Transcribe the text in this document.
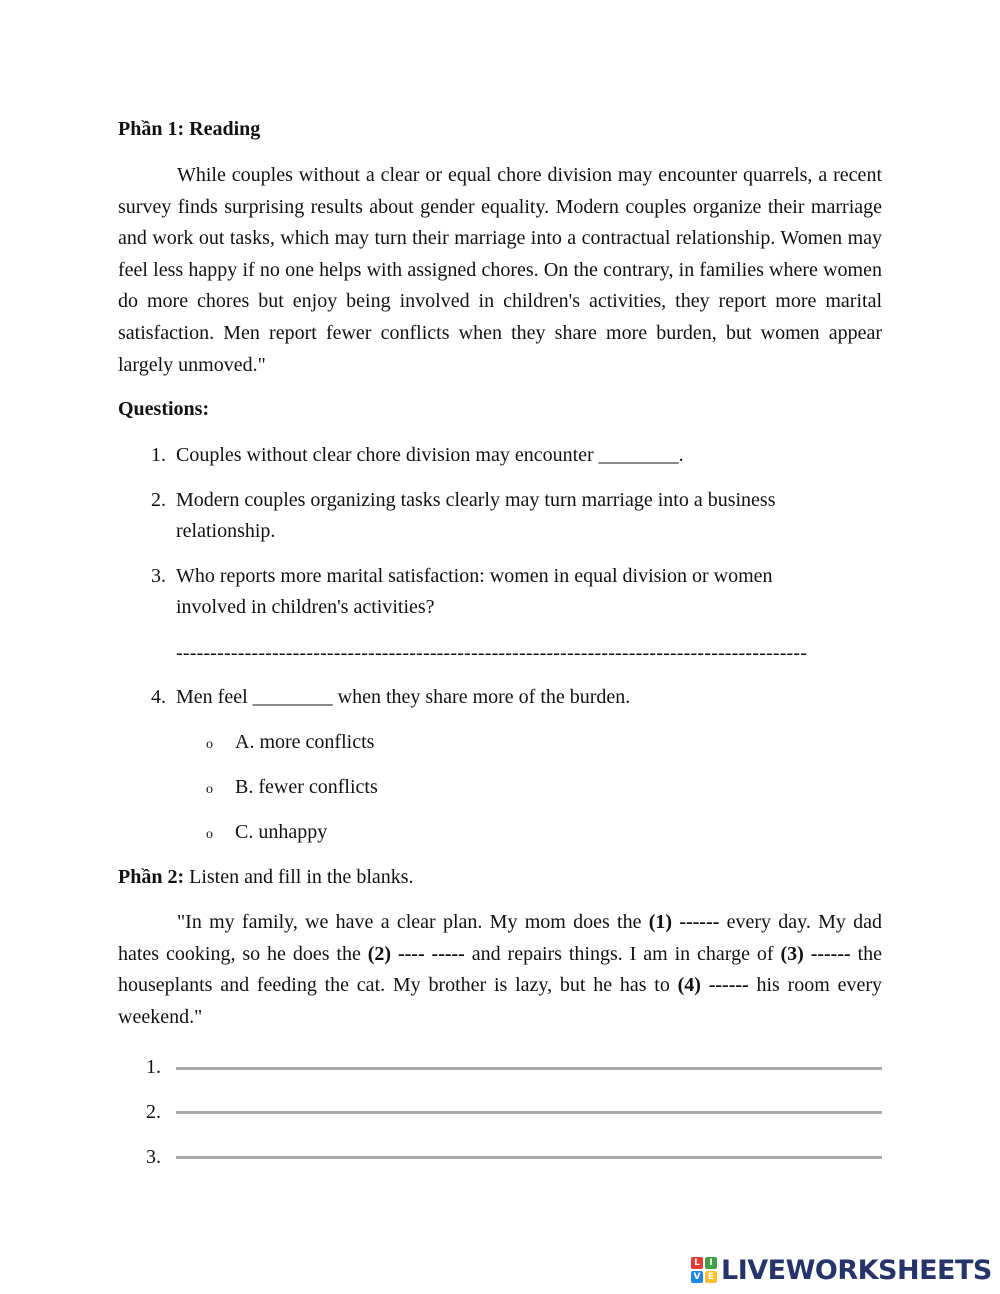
Phần 1: Reading
While couples without a clear or equal chore division may encounter quarrels, a recent survey finds surprising results about gender equality. Modern couples organize their marriage and work out tasks, which may turn their marriage into a contractual relationship. Women may feel less happy if no one helps with assigned chores. On the contrary, in families where women do more chores but enjoy being involved in children's activities, they report more marital satisfaction. Men report fewer conflicts when they share more burden, but women appear largely unmoved."
Questions:
1. Couples without clear chore division may encounter ________.
2. Modern couples organizing tasks clearly may turn marriage into a business relationship.
3. Who reports more marital satisfaction: women in equal division or women involved in children's activities?
--------------------------------------------------------------------------------------------
4. Men feel ________ when they share more of the burden.
o A. more conflicts
o B. fewer conflicts
o C. unhappy
Phần 2: Listen and fill in the blanks.
"In my family, we have a clear plan. My mom does the (1) ------ every day. My dad hates cooking, so he does the (2) ---- ----- and repairs things. I am in charge of (3) ------ the houseplants and feeding the cat. My brother is lazy, but he has to (4) ------ his room every weekend."
1.
2.
3.
L	I
V E LIVEWORKSHEETS
